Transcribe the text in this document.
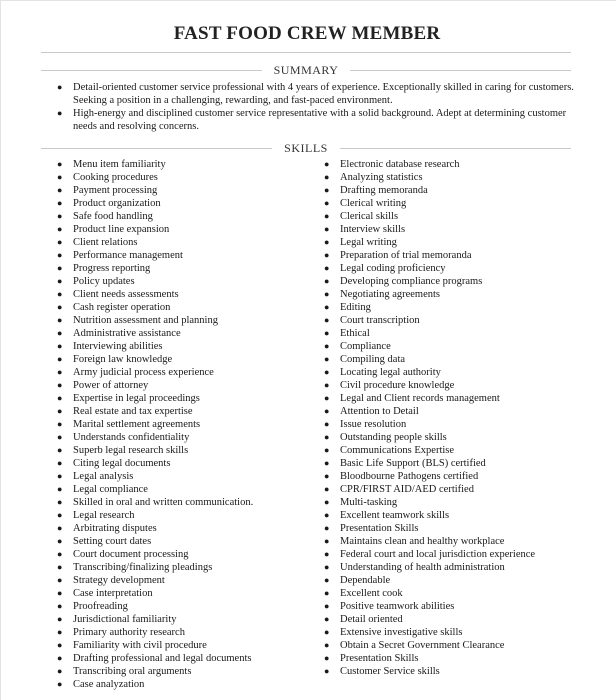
FAST FOOD CREW MEMBER
SUMMARY
● Detail-oriented customer service professional with 4 years of experience. Exceptionally skilled in caring for customers. Seeking a position in a challenging, rewarding, and fast-paced environment.
● High-energy and disciplined customer service representative with a solid background. Adept at determining customer needs and resolving concerns.
SKILLS
● Menu item familiarity
● Cooking procedures
● Payment processing
● Product organization
● Safe food handling
● Product line expansion
● Client relations
● Performance management
● Progress reporting
● Policy updates
● Client needs assessments
● Cash register operation
● Nutrition assessment and planning
● Administrative assistance
● Interviewing abilities
● Foreign law knowledge
● Army judicial process experience
● Power of attorney
● Expertise in legal proceedings
● Real estate and tax expertise
● Marital settlement agreements
● Understands confidentiality
● Superb legal research skills
● Citing legal documents
● Legal analysis
● Legal compliance
● Skilled in oral and written communication.
● Legal research
● Arbitrating disputes
● Setting court dates
● Court document processing
● Transcribing/finalizing pleadings
● Strategy development
● Case interpretation
● Proofreading
● Jurisdictional familiarity
● Primary authority research
● Familiarity with civil procedure
● Drafting professional and legal documents
● Transcribing oral arguments
● Case analyzation
● Electronic database research
● Analyzing statistics
● Drafting memoranda
● Clerical writing
● Clerical skills
● Interview skills
● Legal writing
● Preparation of trial memoranda
● Legal coding proficiency
● Developing compliance programs
● Negotiating agreements
● Editing
● Court transcription
● Ethical
● Compliance
● Compiling data
● Locating legal authority
● Civil procedure knowledge
● Legal and Client records management
● Attention to Detail
● Issue resolution
● Outstanding people skills
● Communications Expertise
● Basic Life Support (BLS) certified
● Bloodbourne Pathogens certified
● CPR/FIRST AID/AED certified
● Multi-tasking
● Excellent teamwork skills
● Presentation Skills
● Maintains clean and healthy workplace
● Federal court and local jurisdiction experience
● Understanding of health administration
● Dependable
● Excellent cook
● Positive teamwork abilities
● Detail oriented
● Extensive investigative skills
● Obtain a Secret Government Clearance
● Presentation Skills
● Customer Service skills
